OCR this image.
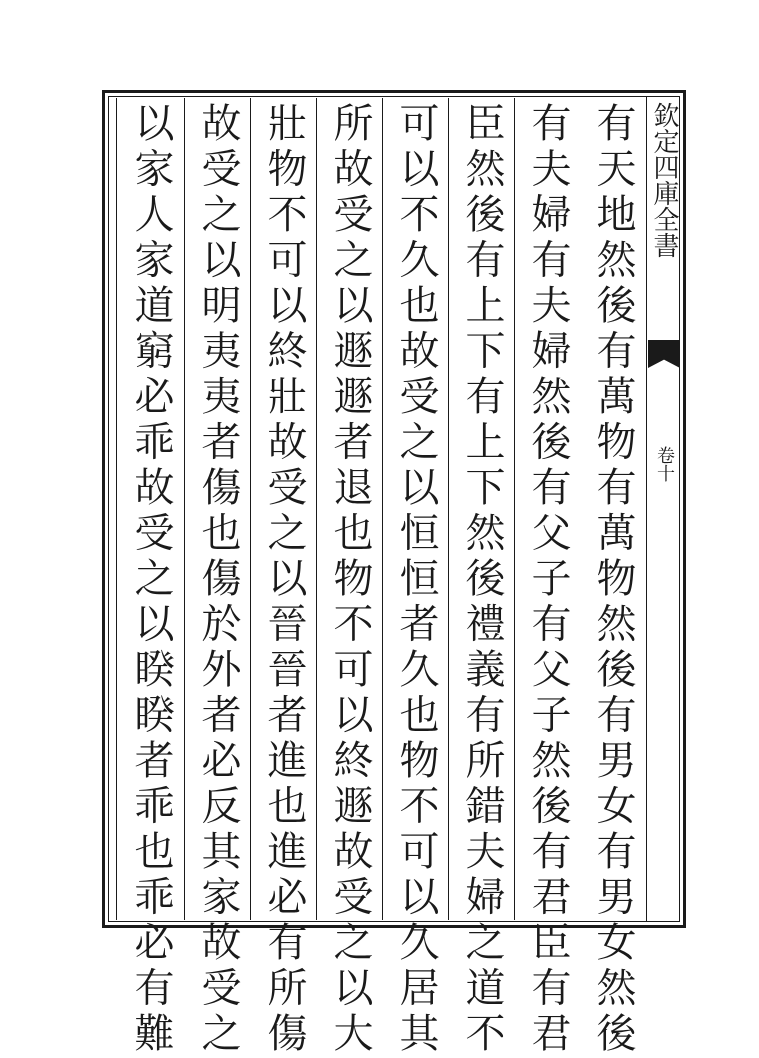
有天地然後有萬物有萬物然後有男女有男女然後
有夫婦有夫婦然後有父子有父子然後有君臣有君
臣然後有上下有上下然後禮義有所錯夫婦之道不
可以不久也故受之以恒恒者久也物不可以久居其
所故受之以遯遯者退也物不可以終遯故受之以大
壯物不可以終壯故受之以晉晉者進也進必有所傷
故受之以明夷夷者傷也傷於外者必反其家故受之
以家人家道窮必乖故受之以睽睽者乖也乖必有難	欽定四庫全書
卷十
